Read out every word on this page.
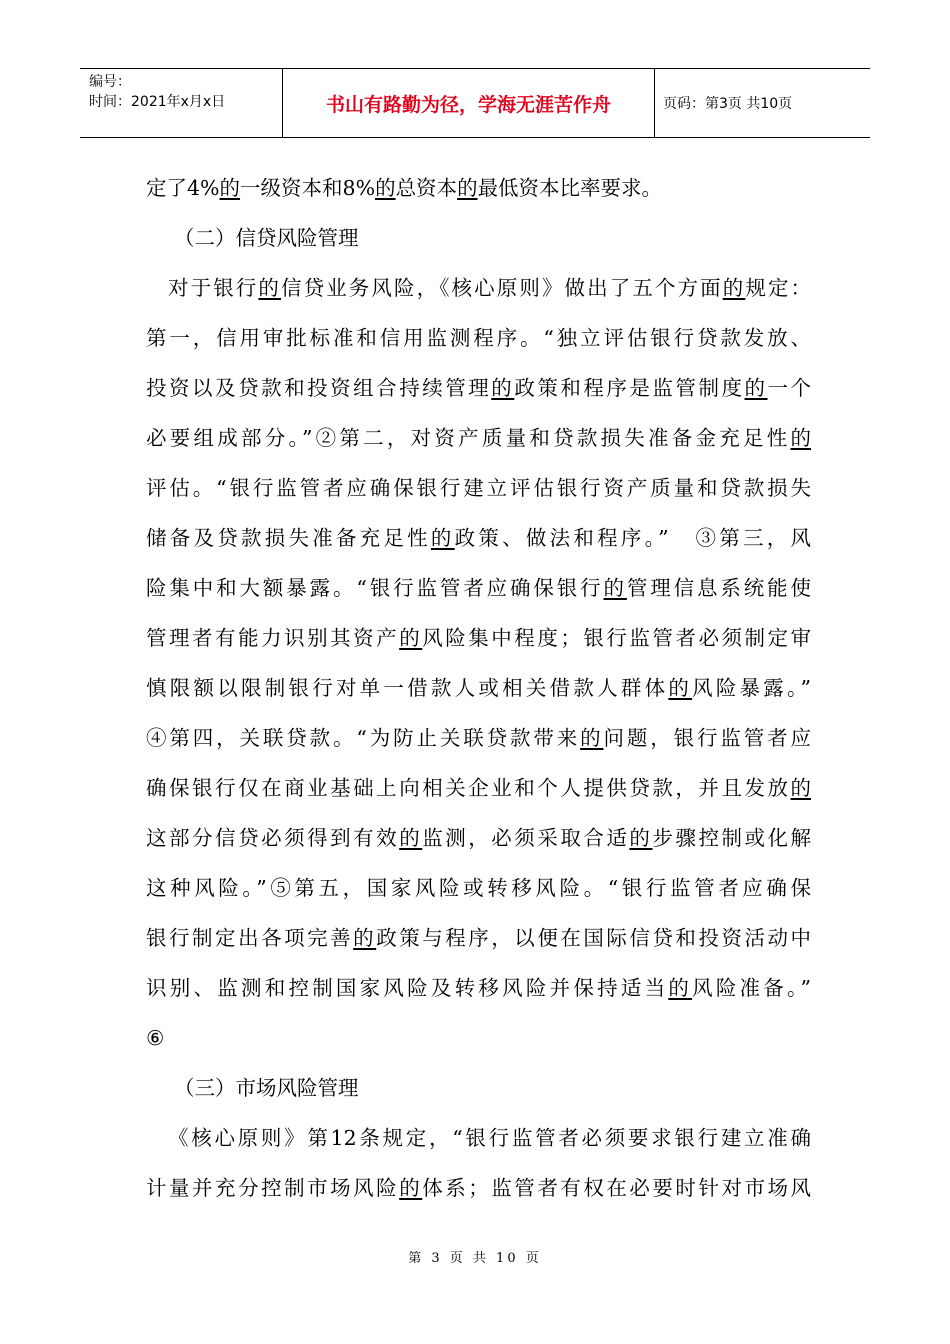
编号：
时间：2021年x月x日	书山有路勤为径，学海无涯苦作舟	页码：第3页 共10页
定了4%的一级资本和8%的总资本的最低资本比率要求。
（二）信贷风险管理
对于银行的信贷业务风险，《核心原则》做出了五个方面的规定：
第一，信用审批标准和信用监测程序。“独立评估银行贷款发放、
投资以及贷款和投资组合持续管理的政策和程序是监管制度的一个
必要组成部分。”②第二，对资产质量和贷款损失准备金充足性的
评估。“银行监管者应确保银行建立评估银行资产质量和贷款损失
储备及贷款损失准备充足性的政策、做法和程序。”　③第三，风
险集中和大额暴露。“银行监管者应确保银行的管理信息系统能使
管理者有能力识别其资产的风险集中程度；银行监管者必须制定审
慎限额以限制银行对单一借款人或相关借款人群体的风险暴露。”
④第四，关联贷款。“为防止关联贷款带来的问题，银行监管者应
确保银行仅在商业基础上向相关企业和个人提供贷款，并且发放的
这部分信贷必须得到有效的监测，必须采取合适的步骤控制或化解
这种风险。”⑤第五，国家风险或转移风险。“银行监管者应确保
银行制定出各项完善的政策与程序，以便在国际信贷和投资活动中
识别、监测和控制国家风险及转移风险并保持适当的风险准备。”
⑥
（三）市场风险管理
《核心原则》第12条规定，“银行监管者必须要求银行建立准确
计量并充分控制市场风险的体系；监管者有权在必要时针对市场风
第 3 页 共 10 页
